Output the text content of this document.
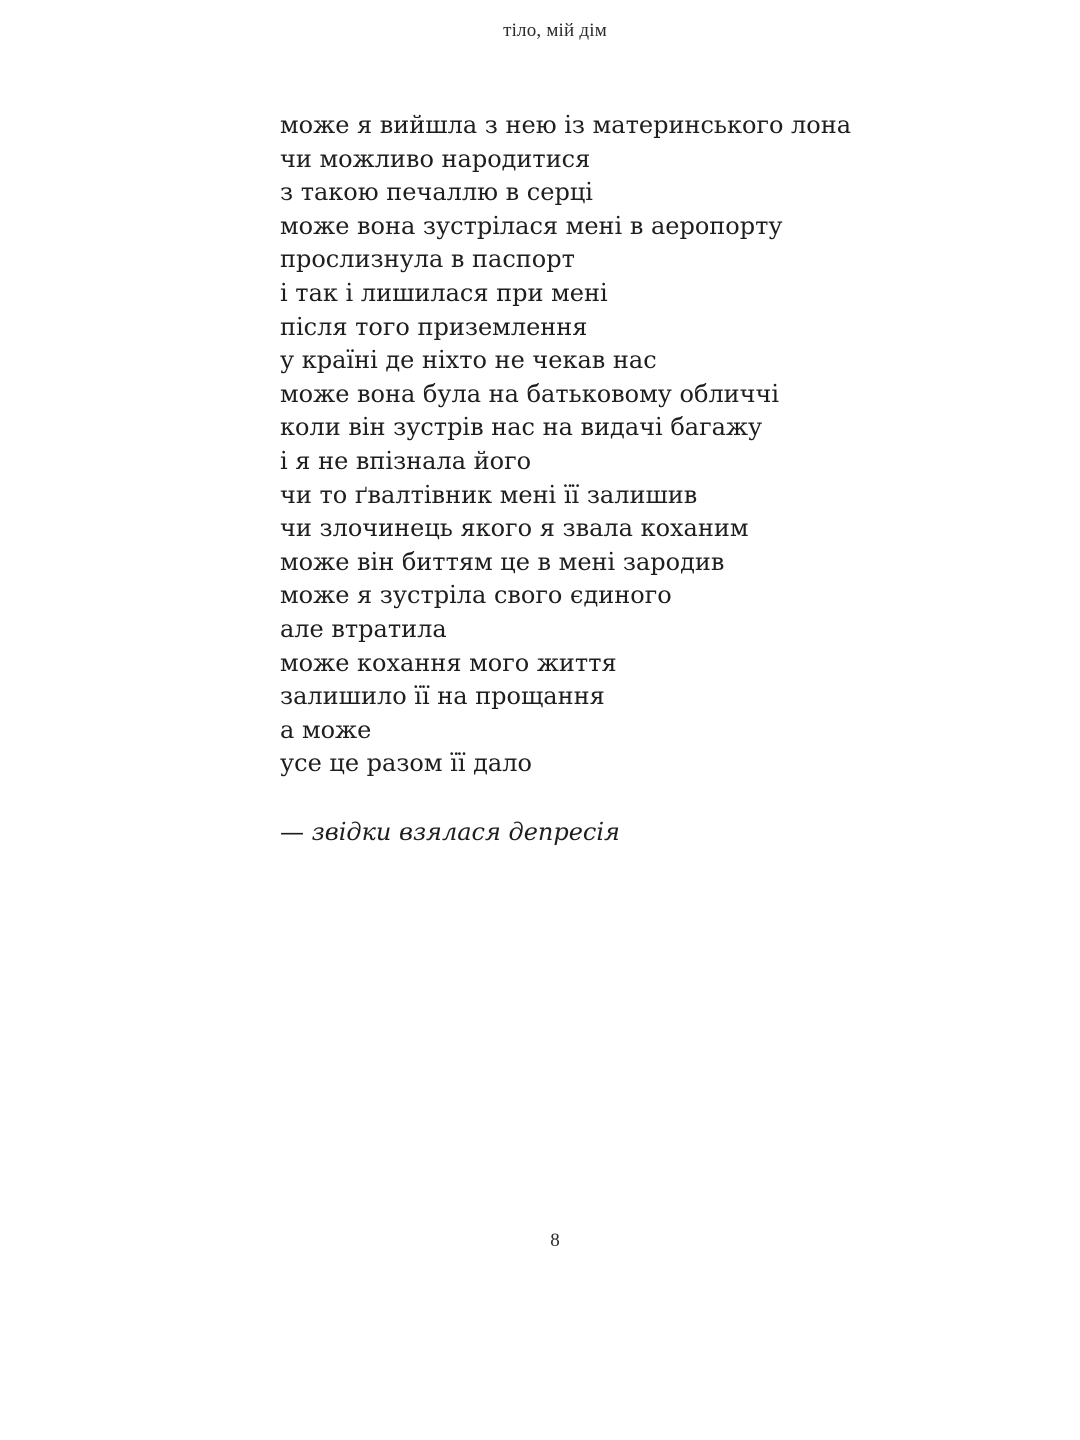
тіло, мій дім
може я вийшла з нею із материнського лона
чи можливо народитися
з такою печаллю в серці
може вона зустрілася мені в аеропорту
прослизнула в паспорт
і так і лишилася при мені
після того приземлення
у країні де ніхто не чекав нас
може вона була на батьковому обличчі
коли він зустрів нас на видачі багажу
і я не впізнала його
чи то ґвалтівник мені її залишив
чи злочинець якого я звала коханим
може він биттям це в мені зародив
може я зустріла свого єдиного
але втратила
може кохання мого життя
залишило її на прощання
а може
усе це разом її дало
— звідки взялася депресія
8
